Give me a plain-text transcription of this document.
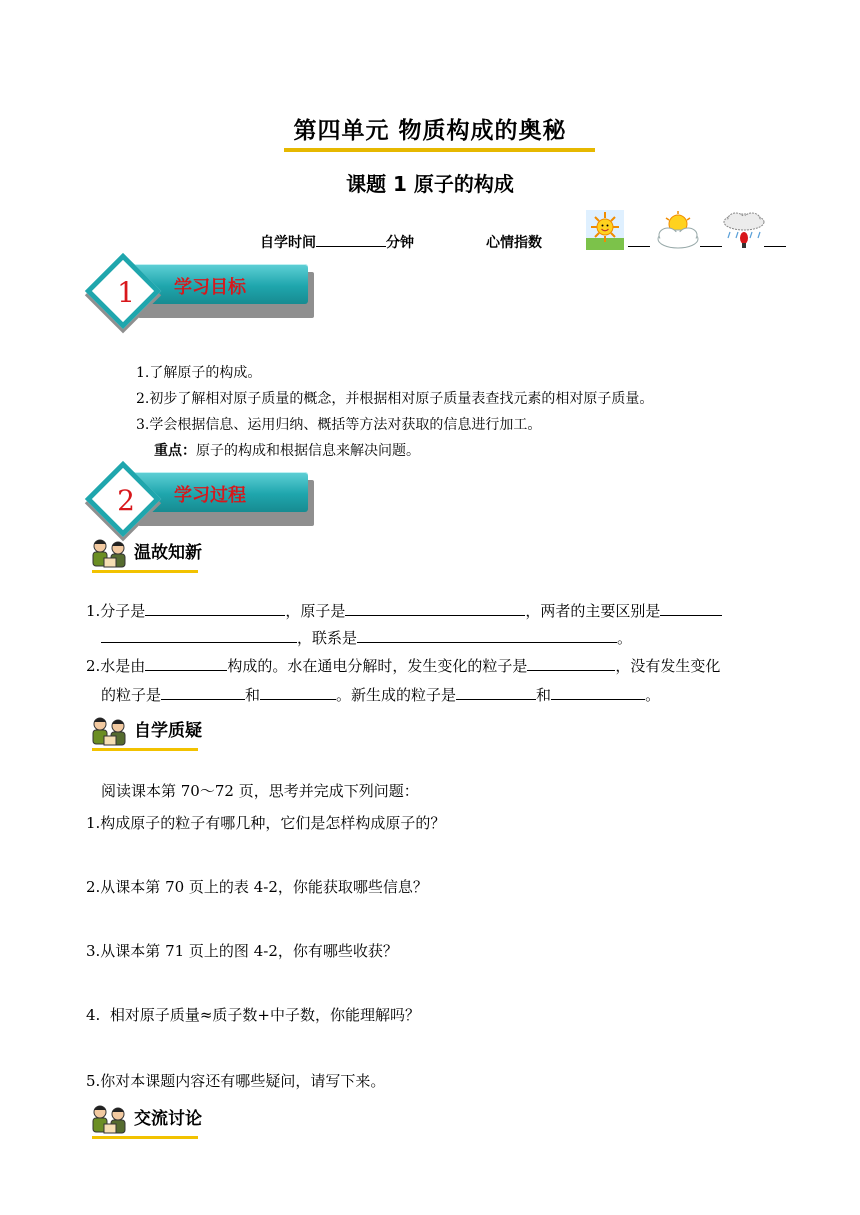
第四单元 物质构成的奥秘
课题 1 原子的构成
自学时间	分钟	心情指数
学习目标
1
1.了解原子的构成。
2.初步了解相对原子质量的概念，并根据相对原子质量表查找元素的相对原子质量。
3.学会根据信息、运用归纳、概括等方法对获取的信息进行加工。
重点：原子的构成和根据信息来解决问题。
学习过程
2
温故知新
1.分子是	，原子是	，两者的主要区别是
，联系是	。
2.水是由	构成的。水在通电分解时，发生变化的粒子是	，没有发生变化
的粒子是	和	。新生成的粒子是	和	。
自学质疑
阅读课本第 70～72 页，思考并完成下列问题：
1.构成原子的粒子有哪几种，它们是怎样构成原子的？
2.从课本第 70 页上的表 4-2，你能获取哪些信息？
3.从课本第 71 页上的图 4-2，你有哪些收获？
4.  相对原子质量≈质子数+中子数，你能理解吗？
5.你对本课题内容还有哪些疑问，请写下来。
交流讨论
